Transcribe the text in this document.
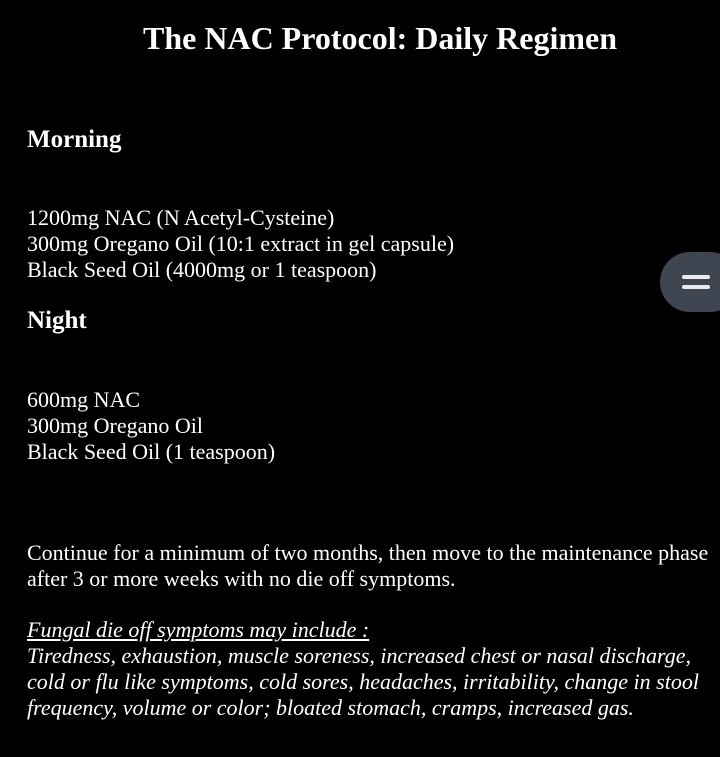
The NAC Protocol: Daily Regimen
Morning
1200mg NAC (N Acetyl-Cysteine)
300mg Oregano Oil (10:1 extract in gel capsule)
Black Seed Oil (4000mg or 1 teaspoon)
Night
600mg NAC
300mg Oregano Oil
Black Seed Oil (1 teaspoon)

Continue for a minimum of two months, then move to the maintenance phase after 3 or more weeks with no die off symptoms.

Fungal die off symptoms may include :
Tiredness, exhaustion, muscle soreness, increased chest or nasal discharge, cold or flu like symptoms, cold sores, headaches, irritability, change in stool frequency, volume or color; bloated stomach, cramps, increased gas.
